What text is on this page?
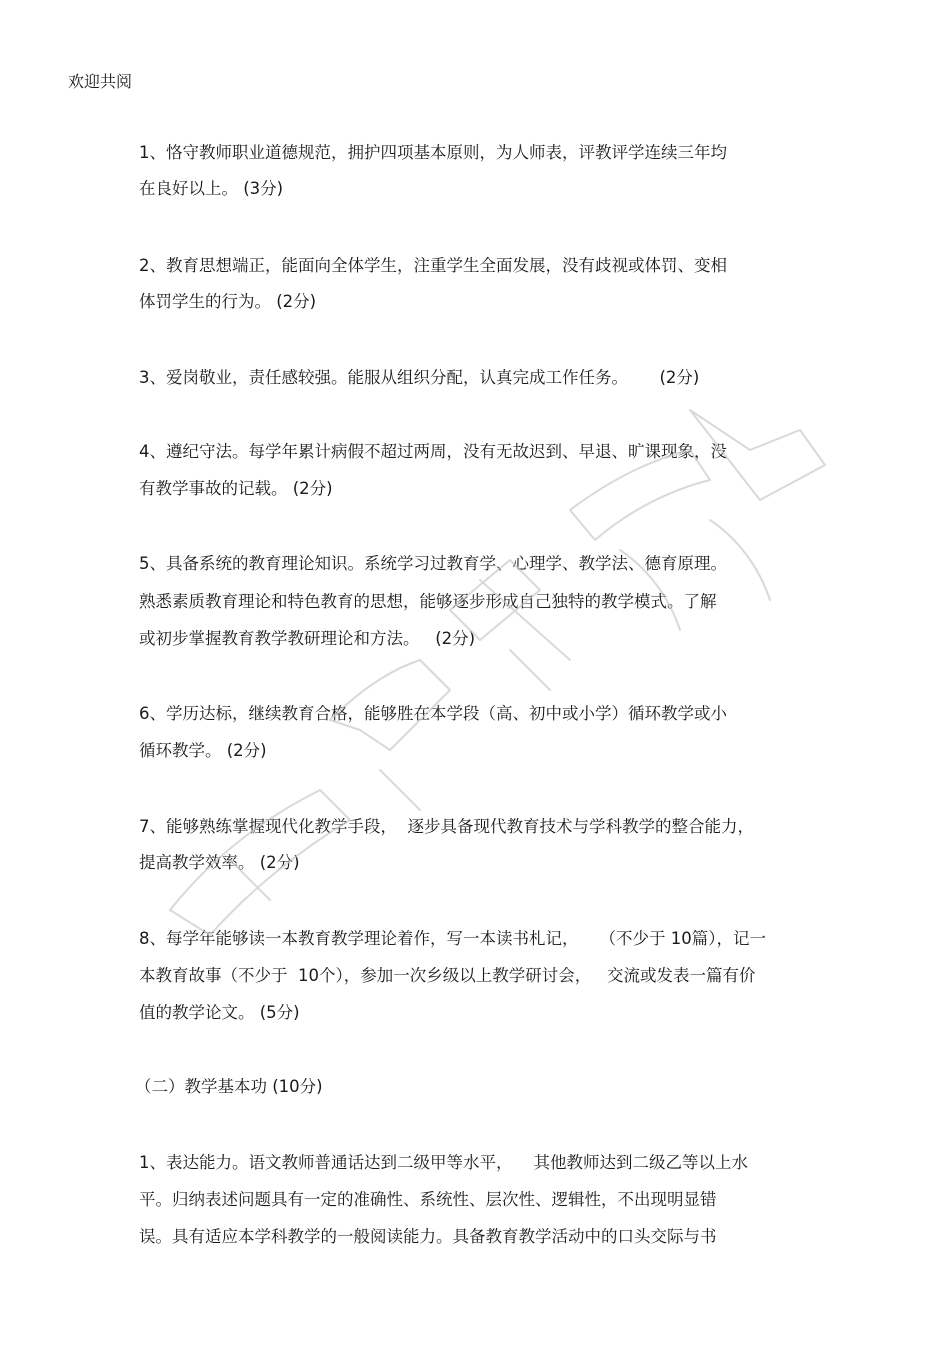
欢迎共阅
1、恪守教师职业道德规范，拥护四项基本原则，为人师表，评教评学连续三年均
在良好以上。 (3分)
2、教育思想端正，能面向全体学生，注重学生全面发展，没有歧视或体罚、变相
体罚学生的行为。 (2分)
3、爱岗敬业，责任感较强。能服从组织分配，认真完成工作任务。      (2分)
4、遵纪守法。每学年累计病假不超过两周，没有无故迟到、早退、旷课现象，没
有教学事故的记载。 (2分)
5、具备系统的教育理论知识。系统学习过教育学、心理学、教学法、德育原理。
熟悉素质教育理论和特色教育的思想，能够逐步形成自己独特的教学模式。了解
或初步掌握教育教学教研理论和方法。   (2分)
6、学历达标，继续教育合格，能够胜在本学段（高、初中或小学）循环教学或小
循环教学。 (2分)
7、能够熟练掌握现代化教学手段，  逐步具备现代教育技术与学科教学的整合能力，
提高教学效率。 (2分)
8、每学年能够读一本教育教学理论着作，写一本读书札记，    （不少于 10篇），记一
本教育故事（不少于  10个），参加一次乡级以上教学研讨会，   交流或发表一篇有价
值的教学论文。 (5分)
（二）教学基本功 (10分)
1、表达能力。语文教师普通话达到二级甲等水平，    其他教师达到二级乙等以上水
平。归纳表述问题具有一定的准确性、系统性、层次性、逻辑性，不出现明显错
误。具有适应本学科教学的一般阅读能力。具备教育教学活动中的口头交际与书
